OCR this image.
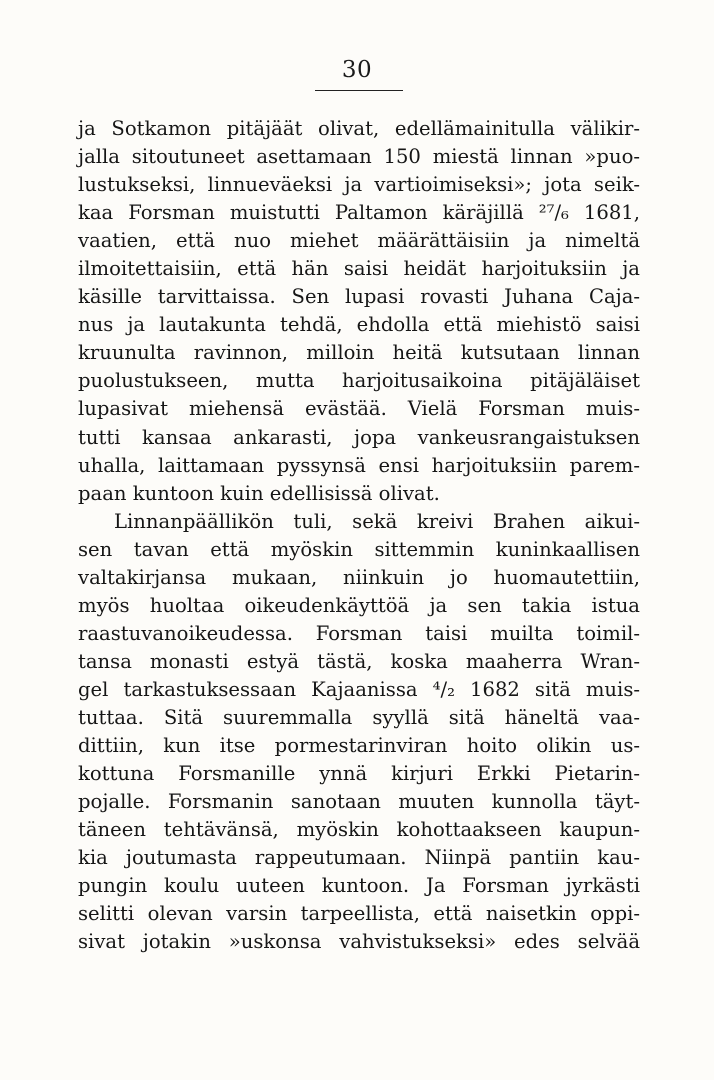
30
ja Sotkamon pitäjäät olivat, edellämainitulla välikir-
jalla sitoutuneet asettamaan 150 miestä linnan »puo-
lustukseksi, linnueväeksi ja vartioimiseksi»; jota seik-
kaa Forsman muistutti Paltamon käräjillä ²⁷/₆ 1681,
vaatien, että nuo miehet määrättäisiin ja nimeltä
ilmoitettaisiin, että hän saisi heidät harjoituksiin ja
käsille tarvittaissa. Sen lupasi rovasti Juhana Caja-
nus ja lautakunta tehdä, ehdolla että miehistö saisi
kruunulta ravinnon, milloin heitä kutsutaan linnan
puolustukseen, mutta harjoitusaikoina pitäjäläiset
lupasivat miehensä evästää. Vielä Forsman muis-
tutti kansaa ankarasti, jopa vankeusrangaistuksen
uhalla, laittamaan pyssynsä ensi harjoituksiin parem-
paan kuntoon kuin edellisissä olivat.
Linnanpäällikön tuli, sekä kreivi Brahen aikui-
sen tavan että myöskin sittemmin kuninkaallisen
valtakirjansa mukaan, niinkuin jo huomautettiin,
myös huoltaa oikeudenkäyttöä ja sen takia istua
raastuvanoikeudessa. Forsman taisi muilta toimil-
tansa monasti estyä tästä, koska maaherra Wran-
gel tarkastuksessaan Kajaanissa ⁴/₂ 1682 sitä muis-
tuttaa. Sitä suuremmalla syyllä sitä häneltä vaa-
dittiin, kun itse pormestarinviran hoito olikin us-
kottuna Forsmanille ynnä kirjuri Erkki Pietarin-
pojalle. Forsmanin sanotaan muuten kunnolla täyt-
täneen tehtävänsä, myöskin kohottaakseen kaupun-
kia joutumasta rappeutumaan. Niinpä pantiin kau-
pungin koulu uuteen kuntoon. Ja Forsman jyrkästi
selitti olevan varsin tarpeellista, että naisetkin oppi-
sivat jotakin »uskonsa vahvistukseksi» edes selvää
